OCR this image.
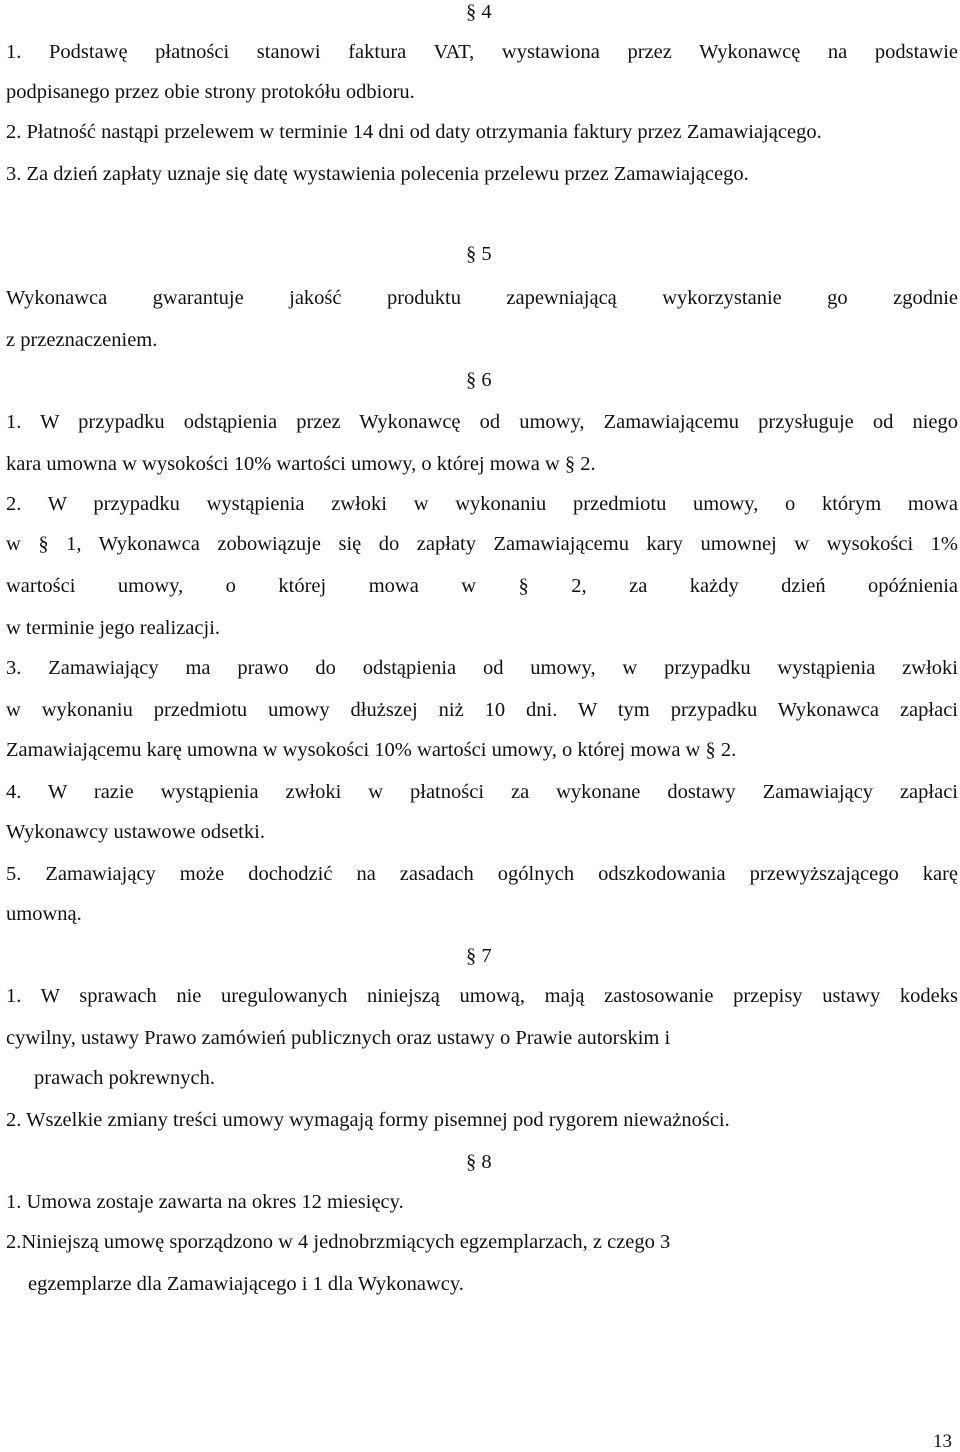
§ 4
1. Podstawę płatności stanowi faktura VAT, wystawiona przez Wykonawcę na podstawie
podpisanego przez obie strony protokółu odbioru.
2. Płatność nastąpi przelewem w terminie 14 dni od daty otrzymania faktury przez Zamawiającego.
3. Za dzień zapłaty uznaje się datę wystawienia polecenia przelewu przez Zamawiającego.
§ 5
Wykonawca gwarantuje jakość produktu zapewniającą wykorzystanie go zgodnie
z przeznaczeniem.
§ 6
1. W przypadku odstąpienia przez Wykonawcę od umowy, Zamawiającemu przysługuje od niego
kara umowna w wysokości 10% wartości umowy, o której mowa w § 2.
2. W przypadku wystąpienia zwłoki w wykonaniu przedmiotu umowy, o którym mowa
w § 1, Wykonawca zobowiązuje się do zapłaty Zamawiającemu kary umownej w wysokości 1%
wartości umowy, o której mowa w § 2, za każdy dzień opóźnienia
w terminie jego realizacji.
3. Zamawiający ma prawo do odstąpienia od umowy, w przypadku wystąpienia zwłoki
w wykonaniu przedmiotu umowy dłuższej niż 10 dni. W tym przypadku Wykonawca zapłaci
Zamawiającemu karę umowna w wysokości 10% wartości umowy, o której mowa w § 2.
4. W razie wystąpienia zwłoki w płatności za wykonane dostawy Zamawiający zapłaci
Wykonawcy ustawowe odsetki.
5. Zamawiający może dochodzić na zasadach ogólnych odszkodowania przewyższającego karę
umowną.
§ 7
1. W sprawach nie uregulowanych niniejszą umową, mają zastosowanie przepisy ustawy kodeks
cywilny, ustawy Prawo zamówień publicznych oraz ustawy o Prawie autorskim i
prawach pokrewnych.
2. Wszelkie zmiany treści umowy wymagają formy pisemnej pod rygorem nieważności.
§ 8
1. Umowa zostaje zawarta na okres 12 miesięcy.
2.Niniejszą umowę sporządzono w 4 jednobrzmiących egzemplarzach, z czego 3
egzemplarze dla Zamawiającego i 1 dla Wykonawcy.
13
